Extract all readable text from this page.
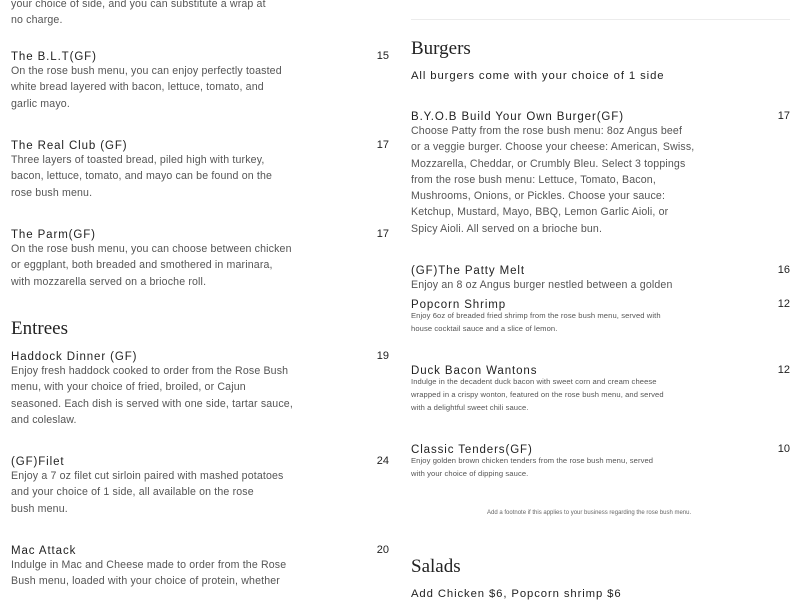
your choice of side, and you can substitute a wrap at
no charge.
Entrees
Burgers
All burgers come with your choice of 1 side
Add a footnote if this applies to your business regarding the rose bush menu.
Salads
Add Chicken $6, Popcorn shrimp $6
The B.L.T(GF)	15
On the rose bush menu, you can enjoy perfectly toasted
white bread layered with bacon, lettuce, tomato, and
garlic mayo.
The Real Club (GF)	17
Three layers of toasted bread, piled high with turkey,
bacon, lettuce, tomato, and mayo can be found on the
rose bush menu.
The Parm(GF)	17
On the rose bush menu, you can choose between chicken
or eggplant, both breaded and smothered in marinara,
with mozzarella served on a brioche roll.
Haddock Dinner (GF)	19
Enjoy fresh haddock cooked to order from the Rose Bush
menu, with your choice of fried, broiled, or Cajun
seasoned. Each dish is served with one side, tartar sauce,
and coleslaw.
(GF)Filet	24
Enjoy a 7 oz filet cut sirloin paired with mashed potatoes
and your choice of 1 side, all available on the rose
bush menu.
Mac Attack	20
Indulge in Mac and Cheese made to order from the Rose
Bush menu, loaded with your choice of protein, whether
B.Y.O.B Build Your Own Burger(GF)	17
Choose Patty from the rose bush menu: 8oz Angus beef
or a veggie burger. Choose your cheese: American, Swiss,
Mozzarella, Cheddar, or Crumbly Bleu. Select 3 toppings
from the rose bush menu: Lettuce, Tomato, Bacon,
Mushrooms, Onions, or Pickles. Choose your sauce:
Ketchup, Mustard, Mayo, BBQ, Lemon Garlic Aioli, or
Spicy Aioli. All served on a brioche bun.
(GF)The Patty Melt	16
Enjoy an 8 oz Angus burger nestled between a golden
Popcorn Shrimp	12
Enjoy 6oz of breaded fried shrimp from the rose bush menu, served with
house cocktail sauce and a slice of lemon.
Duck Bacon Wantons	12
Indulge in the decadent duck bacon with sweet corn and cream cheese
wrapped in a crispy wonton, featured on the rose bush menu, and served
with a delightful sweet chili sauce.
Classic Tenders(GF)	10
Enjoy golden brown chicken tenders from the rose bush menu, served
with your choice of dipping sauce.
